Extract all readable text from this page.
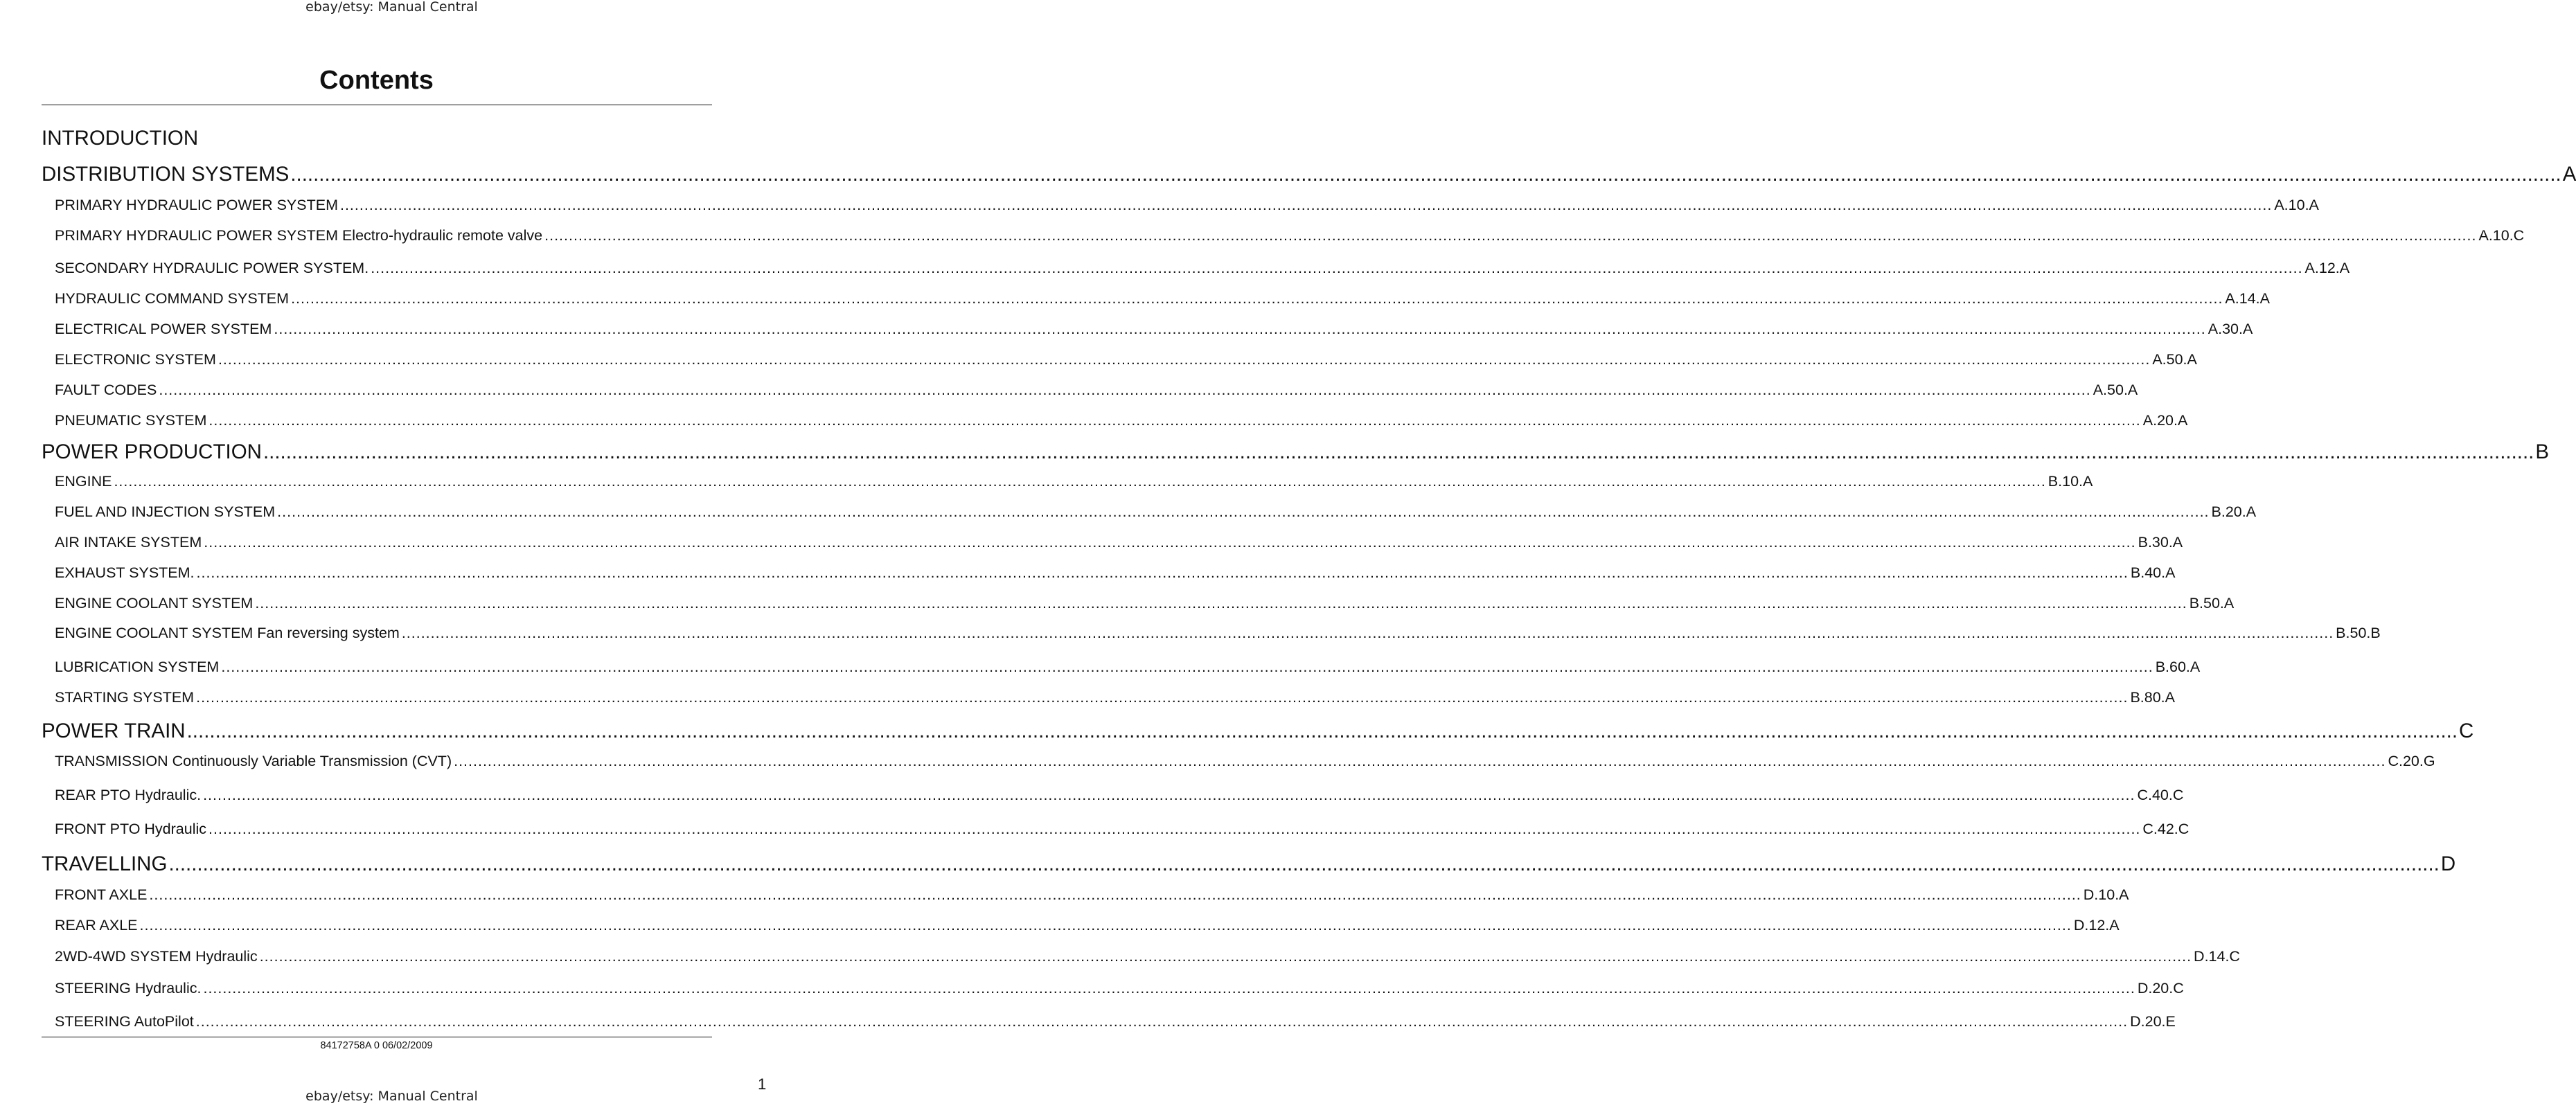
ebay/etsy: Manual Central
Contents
INTRODUCTION
DISTRIBUTION SYSTEMS ................................................................................................................................................................................................................................................................................................................................................................................................................ A
PRIMARY HYDRAULIC POWER SYSTEM ................................................................................................................................................................................................................................................................................................................................................................................................................ A.10.A
PRIMARY HYDRAULIC POWER SYSTEM Electro-hydraulic remote valve ................................................................................................................................................................................................................................................................................................................................................................................................................ A.10.C
SECONDARY HYDRAULIC POWER SYSTEM. ................................................................................................................................................................................................................................................................................................................................................................................................................ A.12.A
HYDRAULIC COMMAND SYSTEM ................................................................................................................................................................................................................................................................................................................................................................................................................ A.14.A
ELECTRICAL POWER SYSTEM ................................................................................................................................................................................................................................................................................................................................................................................................................ A.30.A
ELECTRONIC SYSTEM ................................................................................................................................................................................................................................................................................................................................................................................................................ A.50.A
FAULT CODES ................................................................................................................................................................................................................................................................................................................................................................................................................ A.50.A
PNEUMATIC SYSTEM ................................................................................................................................................................................................................................................................................................................................................................................................................ A.20.A
POWER PRODUCTION ................................................................................................................................................................................................................................................................................................................................................................................................................ B
ENGINE ................................................................................................................................................................................................................................................................................................................................................................................................................ B.10.A
FUEL AND INJECTION SYSTEM ................................................................................................................................................................................................................................................................................................................................................................................................................ B.20.A
AIR INTAKE SYSTEM ................................................................................................................................................................................................................................................................................................................................................................................................................ B.30.A
EXHAUST SYSTEM. ................................................................................................................................................................................................................................................................................................................................................................................................................ B.40.A
ENGINE COOLANT SYSTEM ................................................................................................................................................................................................................................................................................................................................................................................................................ B.50.A
ENGINE COOLANT SYSTEM Fan reversing system ................................................................................................................................................................................................................................................................................................................................................................................................................ B.50.B
LUBRICATION SYSTEM ................................................................................................................................................................................................................................................................................................................................................................................................................ B.60.A
STARTING SYSTEM ................................................................................................................................................................................................................................................................................................................................................................................................................ B.80.A
POWER TRAIN ................................................................................................................................................................................................................................................................................................................................................................................................................ C
TRANSMISSION Continuously Variable Transmission (CVT) ................................................................................................................................................................................................................................................................................................................................................................................................................ C.20.G
REAR PTO Hydraulic. ................................................................................................................................................................................................................................................................................................................................................................................................................ C.40.C
FRONT PTO Hydraulic ................................................................................................................................................................................................................................................................................................................................................................................................................ C.42.C
TRAVELLING ................................................................................................................................................................................................................................................................................................................................................................................................................ D
FRONT AXLE ................................................................................................................................................................................................................................................................................................................................................................................................................ D.10.A
REAR AXLE ................................................................................................................................................................................................................................................................................................................................................................................................................ D.12.A
2WD-4WD SYSTEM Hydraulic ................................................................................................................................................................................................................................................................................................................................................................................................................ D.14.C
STEERING Hydraulic. ................................................................................................................................................................................................................................................................................................................................................................................................................ D.20.C
STEERING AutoPilot ................................................................................................................................................................................................................................................................................................................................................................................................................ D.20.E
84172758A 0 06/02/2009
1
ebay/etsy: Manual Central
